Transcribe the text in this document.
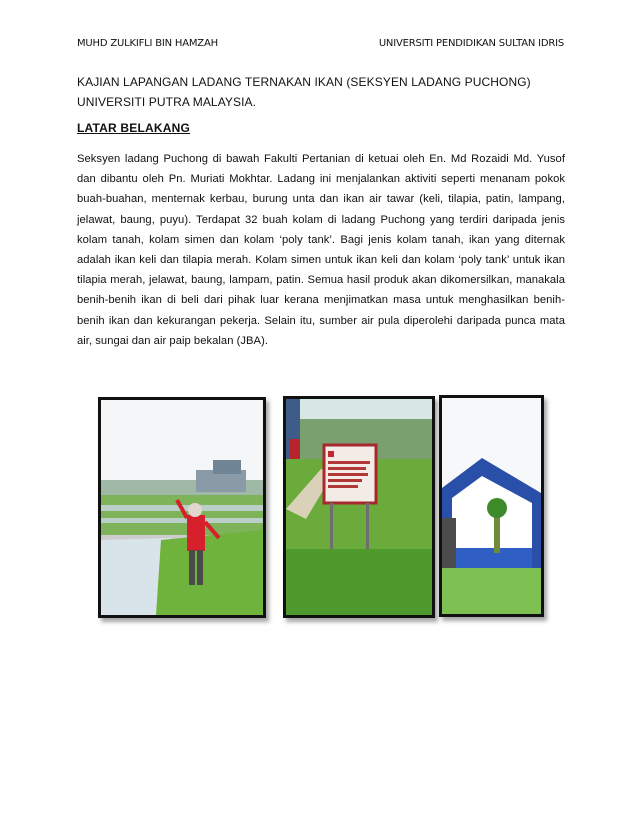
MUHD ZULKIFLI BIN HAMZAH	UNIVERSITI PENDIDIKAN SULTAN IDRIS
KAJIAN LAPANGAN LADANG TERNAKAN IKAN (SEKSYEN LADANG PUCHONG)
UNIVERSITI PUTRA MALAYSIA.
LATAR BELAKANG
Seksyen ladang Puchong di bawah Fakulti Pertanian di ketuai oleh En. Md Rozaidi Md. Yusof dan dibantu oleh Pn. Muriati Mokhtar. Ladang ini menjalankan aktiviti seperti menanam pokok buah-buahan, menternak kerbau, burung unta dan ikan air tawar (keli, tilapia, patin, lampang, jelawat, baung, puyu). Terdapat 32 buah kolam di ladang Puchong yang terdiri daripada jenis kolam tanah, kolam simen dan kolam ‘poly tank’. Bagi jenis kolam tanah, ikan yang diternak adalah ikan keli dan tilapia merah. Kolam simen untuk ikan keli dan kolam ‘poly tank’ untuk ikan tilapia merah, jelawat, baung, lampam, patin. Semua hasil produk akan dikomersilkan, manakala benih-benih ikan di beli dari pihak luar kerana menjimatkan masa untuk menghasilkan benih-benih ikan dan kekurangan pekerja. Selain itu, sumber air pula diperolehi daripada punca mata air, sungai dan air paip bekalan (JBA).
